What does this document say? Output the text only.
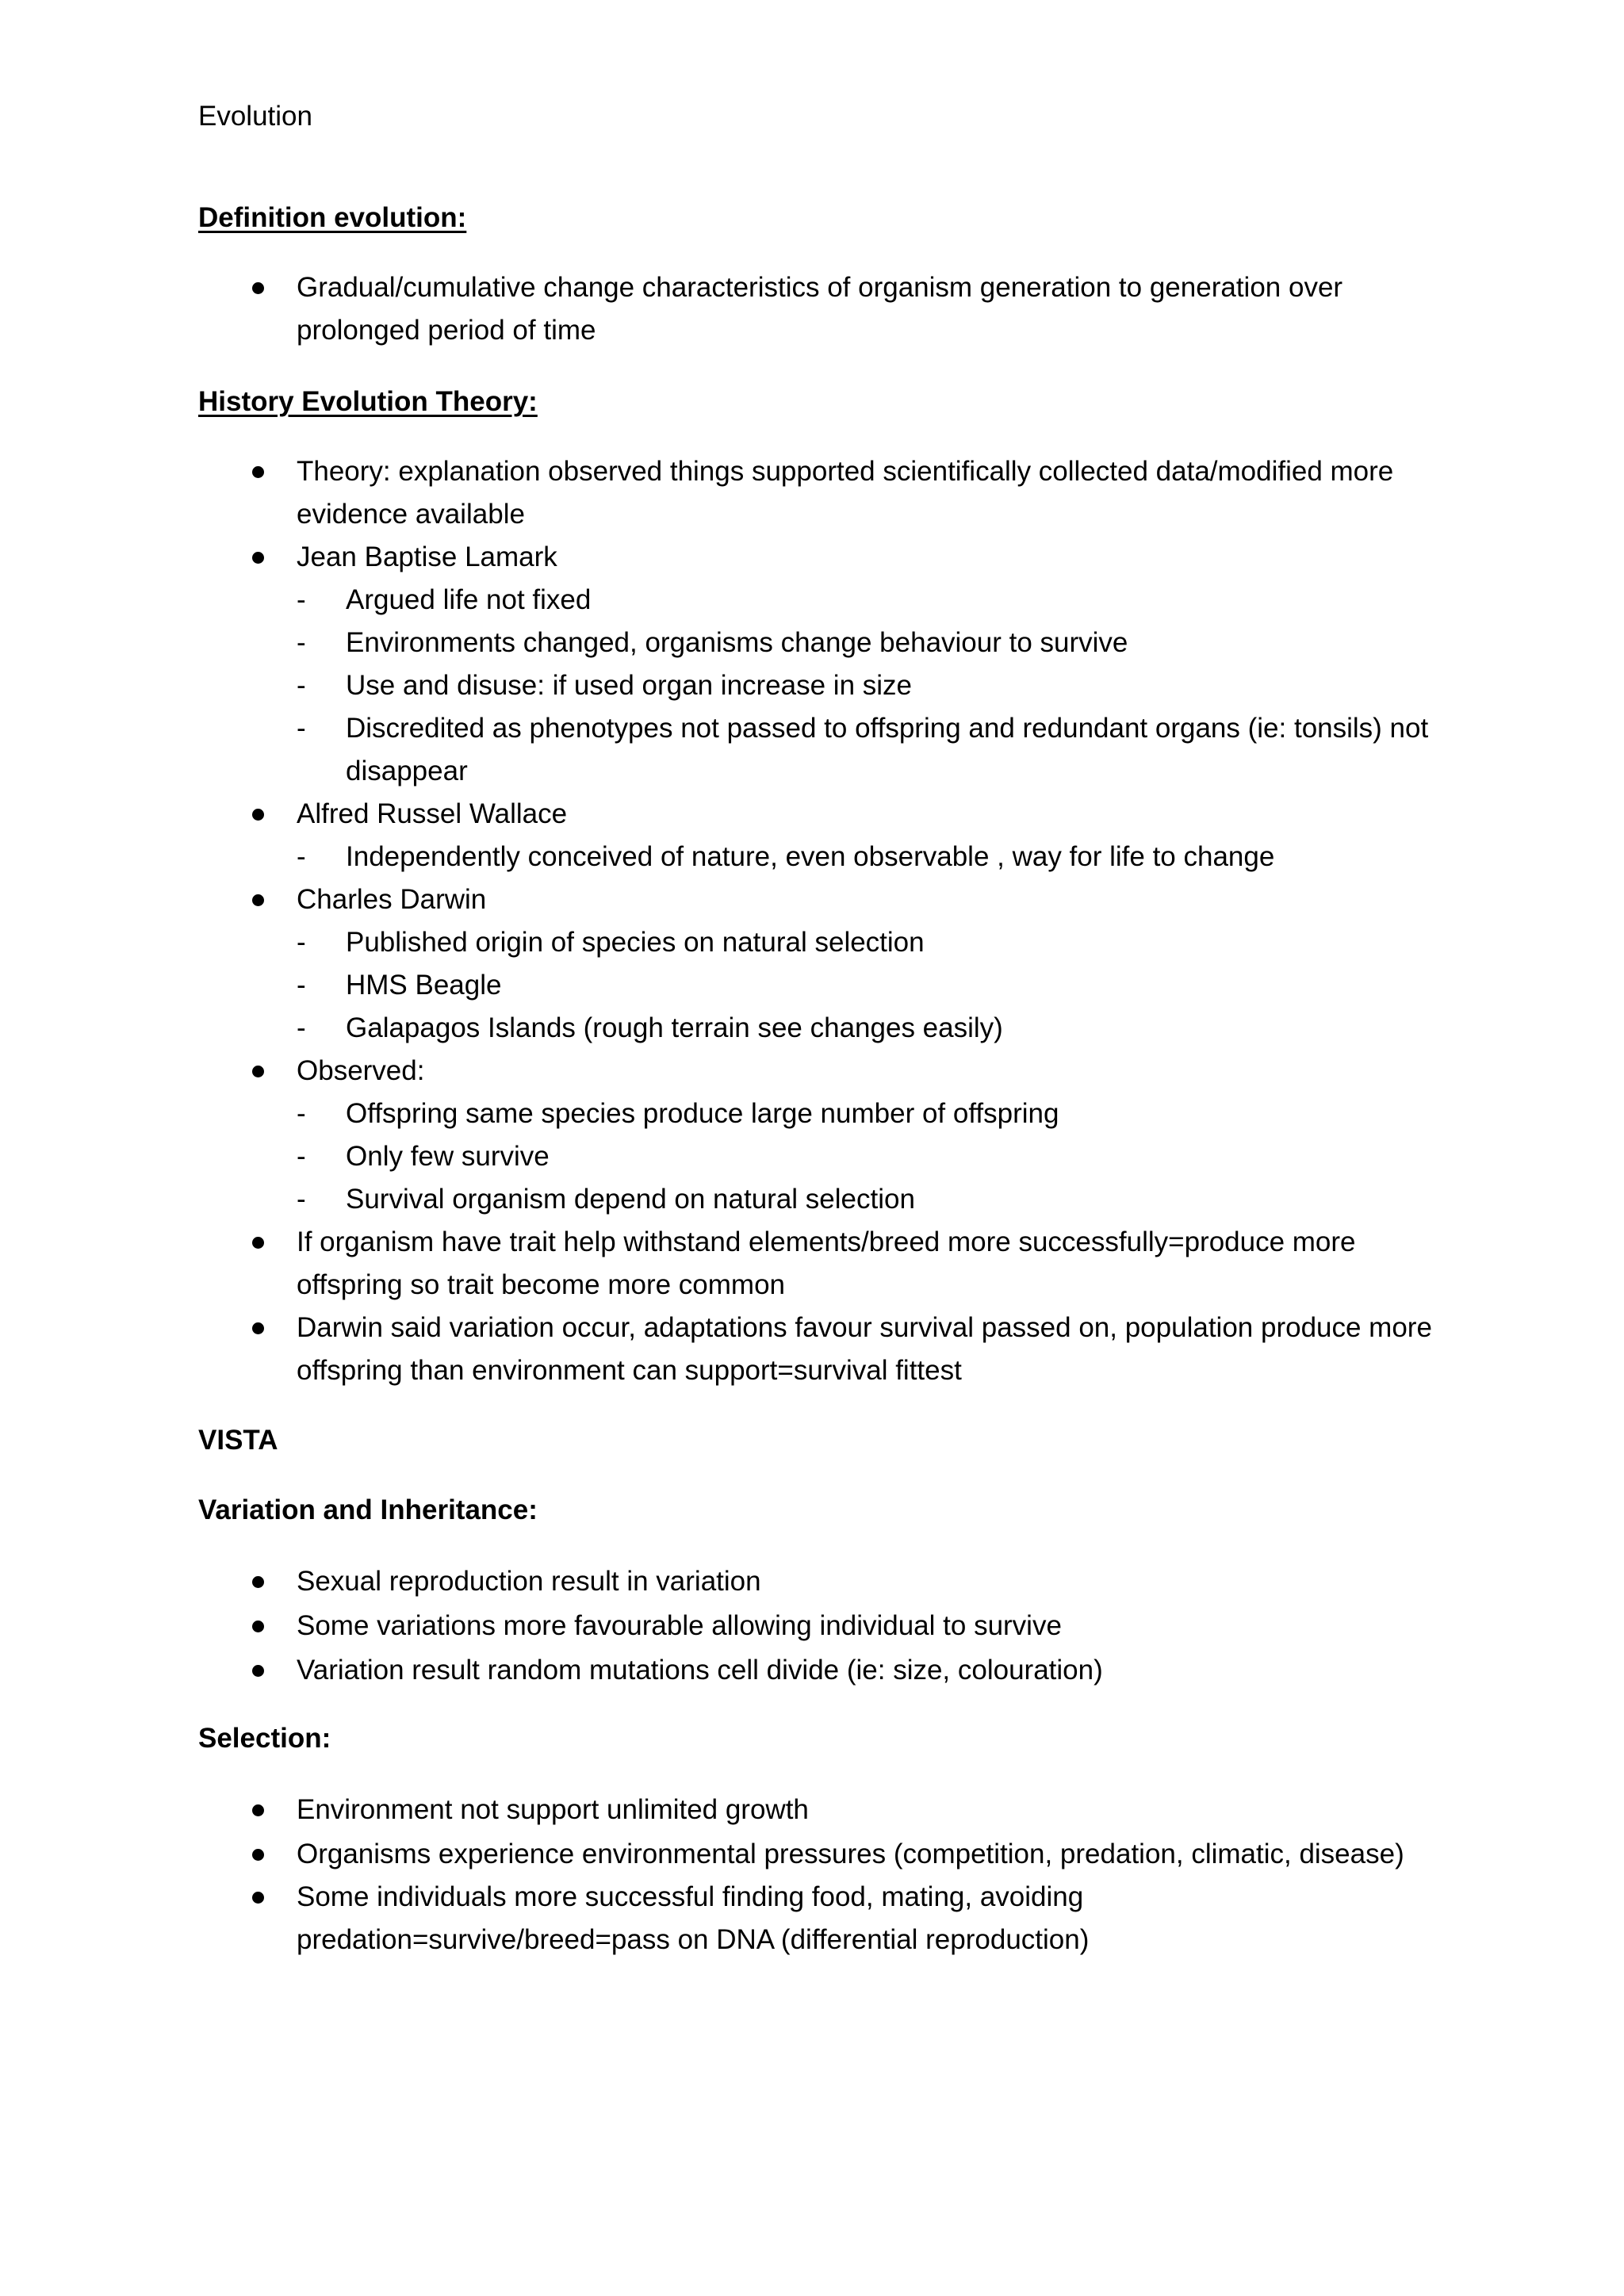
Evolution
Definition evolution:

Gradual/cumulative change characteristics of organism generation to generation over prolonged period of time

History Evolution Theory:

Theory: explanation observed things supported scientifically collected data/modified more evidence available

Jean Baptise Lamark

- Argued life not fixed

- Environments changed, organisms change behaviour to survive

- Use and disuse: if used organ increase in size

- Discredited as phenotypes not passed to offspring and redundant organs (ie: tonsils) not disappear

Alfred Russel Wallace

- Independently conceived of nature, even observable , way for life to change

Charles Darwin

- Published origin of species on natural selection

- HMS Beagle

- Galapagos Islands (rough terrain see changes easily)

Observed:

- Offspring same species produce large number of offspring

- Only few survive

- Survival organism depend on natural selection

If organism have trait help withstand elements/breed more successfully=produce more offspring so trait become more common

Darwin said variation occur, adaptations favour survival passed on, population produce more offspring than environment can support=survival fittest

VISTA
Variation and Inheritance:

Sexual reproduction result in variation

Some variations more favourable allowing individual to survive

Variation result random mutations cell divide (ie: size, colouration)

Selection:

Environment not support unlimited growth

Organisms experience environmental pressures (competition, predation, climatic, disease)

Some individuals more successful finding food, mating, avoiding predation=survive/breed=pass on DNA (differential reproduction)
